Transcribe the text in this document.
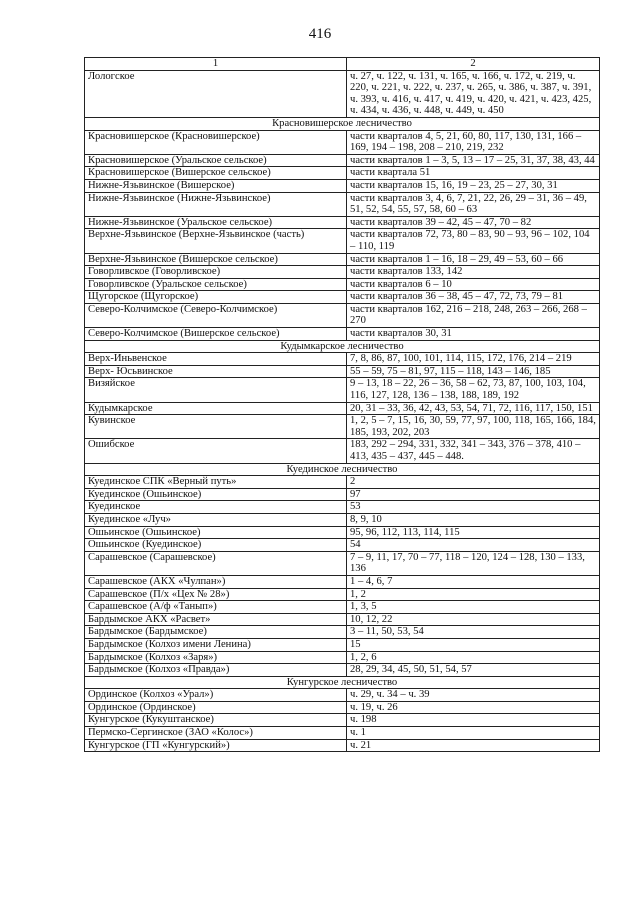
416
1	2
Лологское	ч. 27, ч. 122, ч. 131, ч. 165, ч. 166, ч. 172, ч. 219, ч. 220, ч. 221, ч. 222, ч. 237, ч. 265, ч. 386, ч. 387, ч. 391, ч. 393, ч. 416, ч. 417, ч. 419, ч. 420, ч. 421, ч. 423, 425, ч. 434, ч. 436, ч. 448, ч. 449, ч. 450
Красновишерское лесничество	
Красновишерское (Красновишерское)	части кварталов 4, 5, 21, 60, 80, 117, 130, 131, 166 – 169, 194 – 198, 208 – 210, 219, 232
Красновишерское (Уральское сельское)	части кварталов 1 – 3, 5, 13 – 17 – 25, 31, 37, 38, 43, 44
Красновишерское (Вишерское сельское)	части квартала 51
Нижне-Язьвинское (Вишерское)	части кварталов 15, 16, 19 – 23, 25 – 27, 30, 31
Нижне-Язьвинское (Нижне-Язьвинское)	части кварталов 3, 4, 6, 7, 21, 22, 26, 29 – 31, 36 – 49, 51, 52, 54, 55, 57, 58, 60 – 63
Нижне-Язьвинское (Уральское сельское)	части кварталов 39 – 42, 45 – 47, 70 – 82
Верхне-Язьвинское (Верхне-Язьвинское (часть)	части кварталов 72, 73, 80 – 83, 90 – 93, 96 – 102, 104 – 110, 119
Верхне-Язьвинское (Вишерское сельское)	части кварталов 1 – 16, 18 – 29, 49 – 53, 60 – 66
Говорливское (Говорливское)	части кварталов 133, 142
Говорливское (Уральское сельское)	части кварталов 6 – 10
Щугорское (Щугорское)	части кварталов 36 – 38, 45 – 47, 72, 73, 79 – 81
Северо-Колчимское (Северо-Колчимское)	части кварталов 162, 216 – 218, 248, 263 – 266, 268 – 270
Северо-Колчимское (Вишерское сельское)	части кварталов 30, 31
Кудымкарское лесничество	
Верх-Иньвенское	7, 8, 86, 87, 100, 101, 114, 115, 172, 176, 214 – 219
Верх- Юсьвинское	55 – 59, 75 – 81, 97, 115 – 118, 143 – 146, 185
Визяйское	9 – 13, 18 – 22, 26 – 36, 58 – 62, 73, 87, 100, 103, 104, 116, 127, 128, 136 – 138, 188, 189, 192
Кудымкарское	20, 31 – 33, 36, 42, 43, 53, 54, 71, 72, 116, 117, 150, 151
Кувинское	1, 2, 5 – 7, 15, 16, 30, 59, 77, 97, 100, 118, 165, 166, 184, 185, 193, 202, 203
Ошибское	183, 292 – 294, 331, 332, 341 – 343, 376 – 378, 410 – 413, 435 – 437, 445 – 448.
Куединское лесничество	
Куединское СПК «Верный путь»	2
Куединское (Ошьинское)	97
Куединское	53
Куединское «Луч»	8, 9, 10
Ошьинское (Ошьинское)	95, 96, 112, 113, 114, 115
Ошьинское (Куединское)	54
Сарашевское (Сарашевское)	7 – 9, 11, 17, 70 – 77, 118 – 120, 124 – 128, 130 – 133, 136
Сарашевское (АКХ «Чулпан»)	1 – 4, 6, 7
Сарашевское (П/х «Цех № 28»)	1, 2
Сарашевское (А/ф «Танып»)	1, 3, 5
Бардымское АКХ «Расвет»	10, 12, 22
Бардымское (Бардымское)	3 – 11, 50, 53, 54
Бардымское (Колхоз имени Ленина)	15
Бардымское (Колхоз «Заря»)	1, 2, 6
Бардымское (Колхоз «Правда»)	28, 29, 34, 45, 50, 51, 54, 57
Кунгурское лесничество	
Ординское (Колхоз «Урал»)	ч. 29, ч. 34 – ч. 39
Ординское (Ординское)	ч. 19, ч. 26
Кунгурское (Кукуштанское)	ч. 198
Пермско-Сергинское (ЗАО «Колос»)	ч. 1
Кунгурское (ГП «Кунгурский»)	ч. 21
